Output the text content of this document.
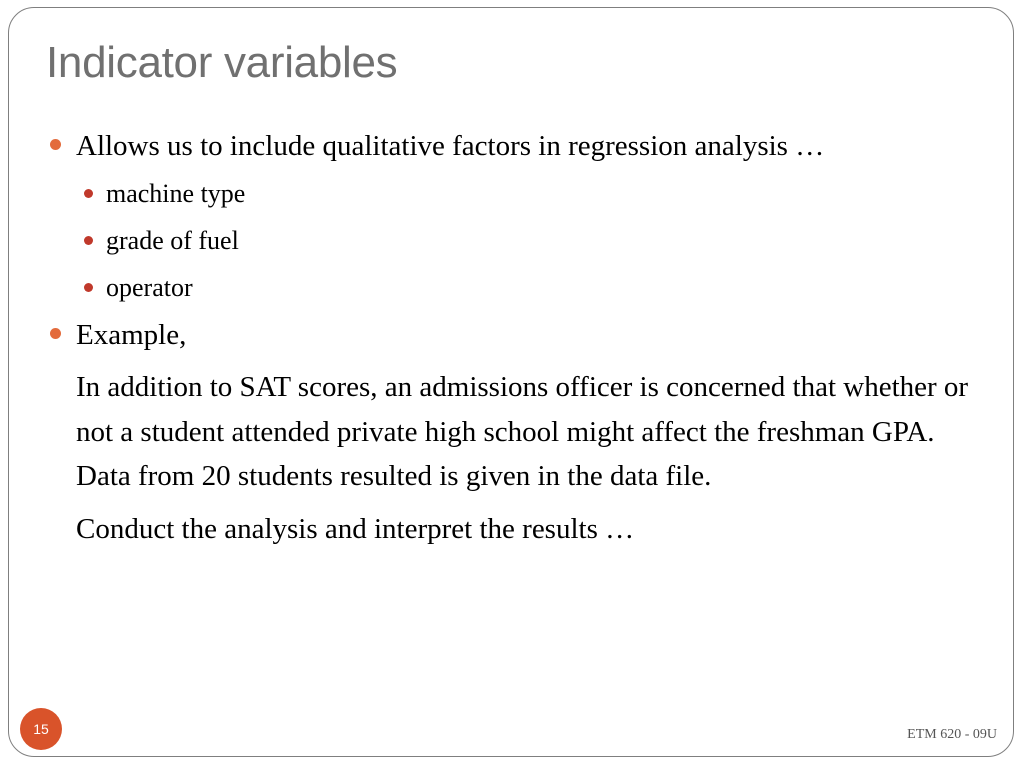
Indicator variables
Allows us to include qualitative factors in regression analysis …
machine type
grade of fuel
operator
Example,
In addition to SAT scores, an admissions officer is concerned that whether or not a student attended private high school might affect the freshman GPA. Data from 20 students resulted is given in the data file.
Conduct the analysis and interpret the results …
15	ETM 620 - 09U
